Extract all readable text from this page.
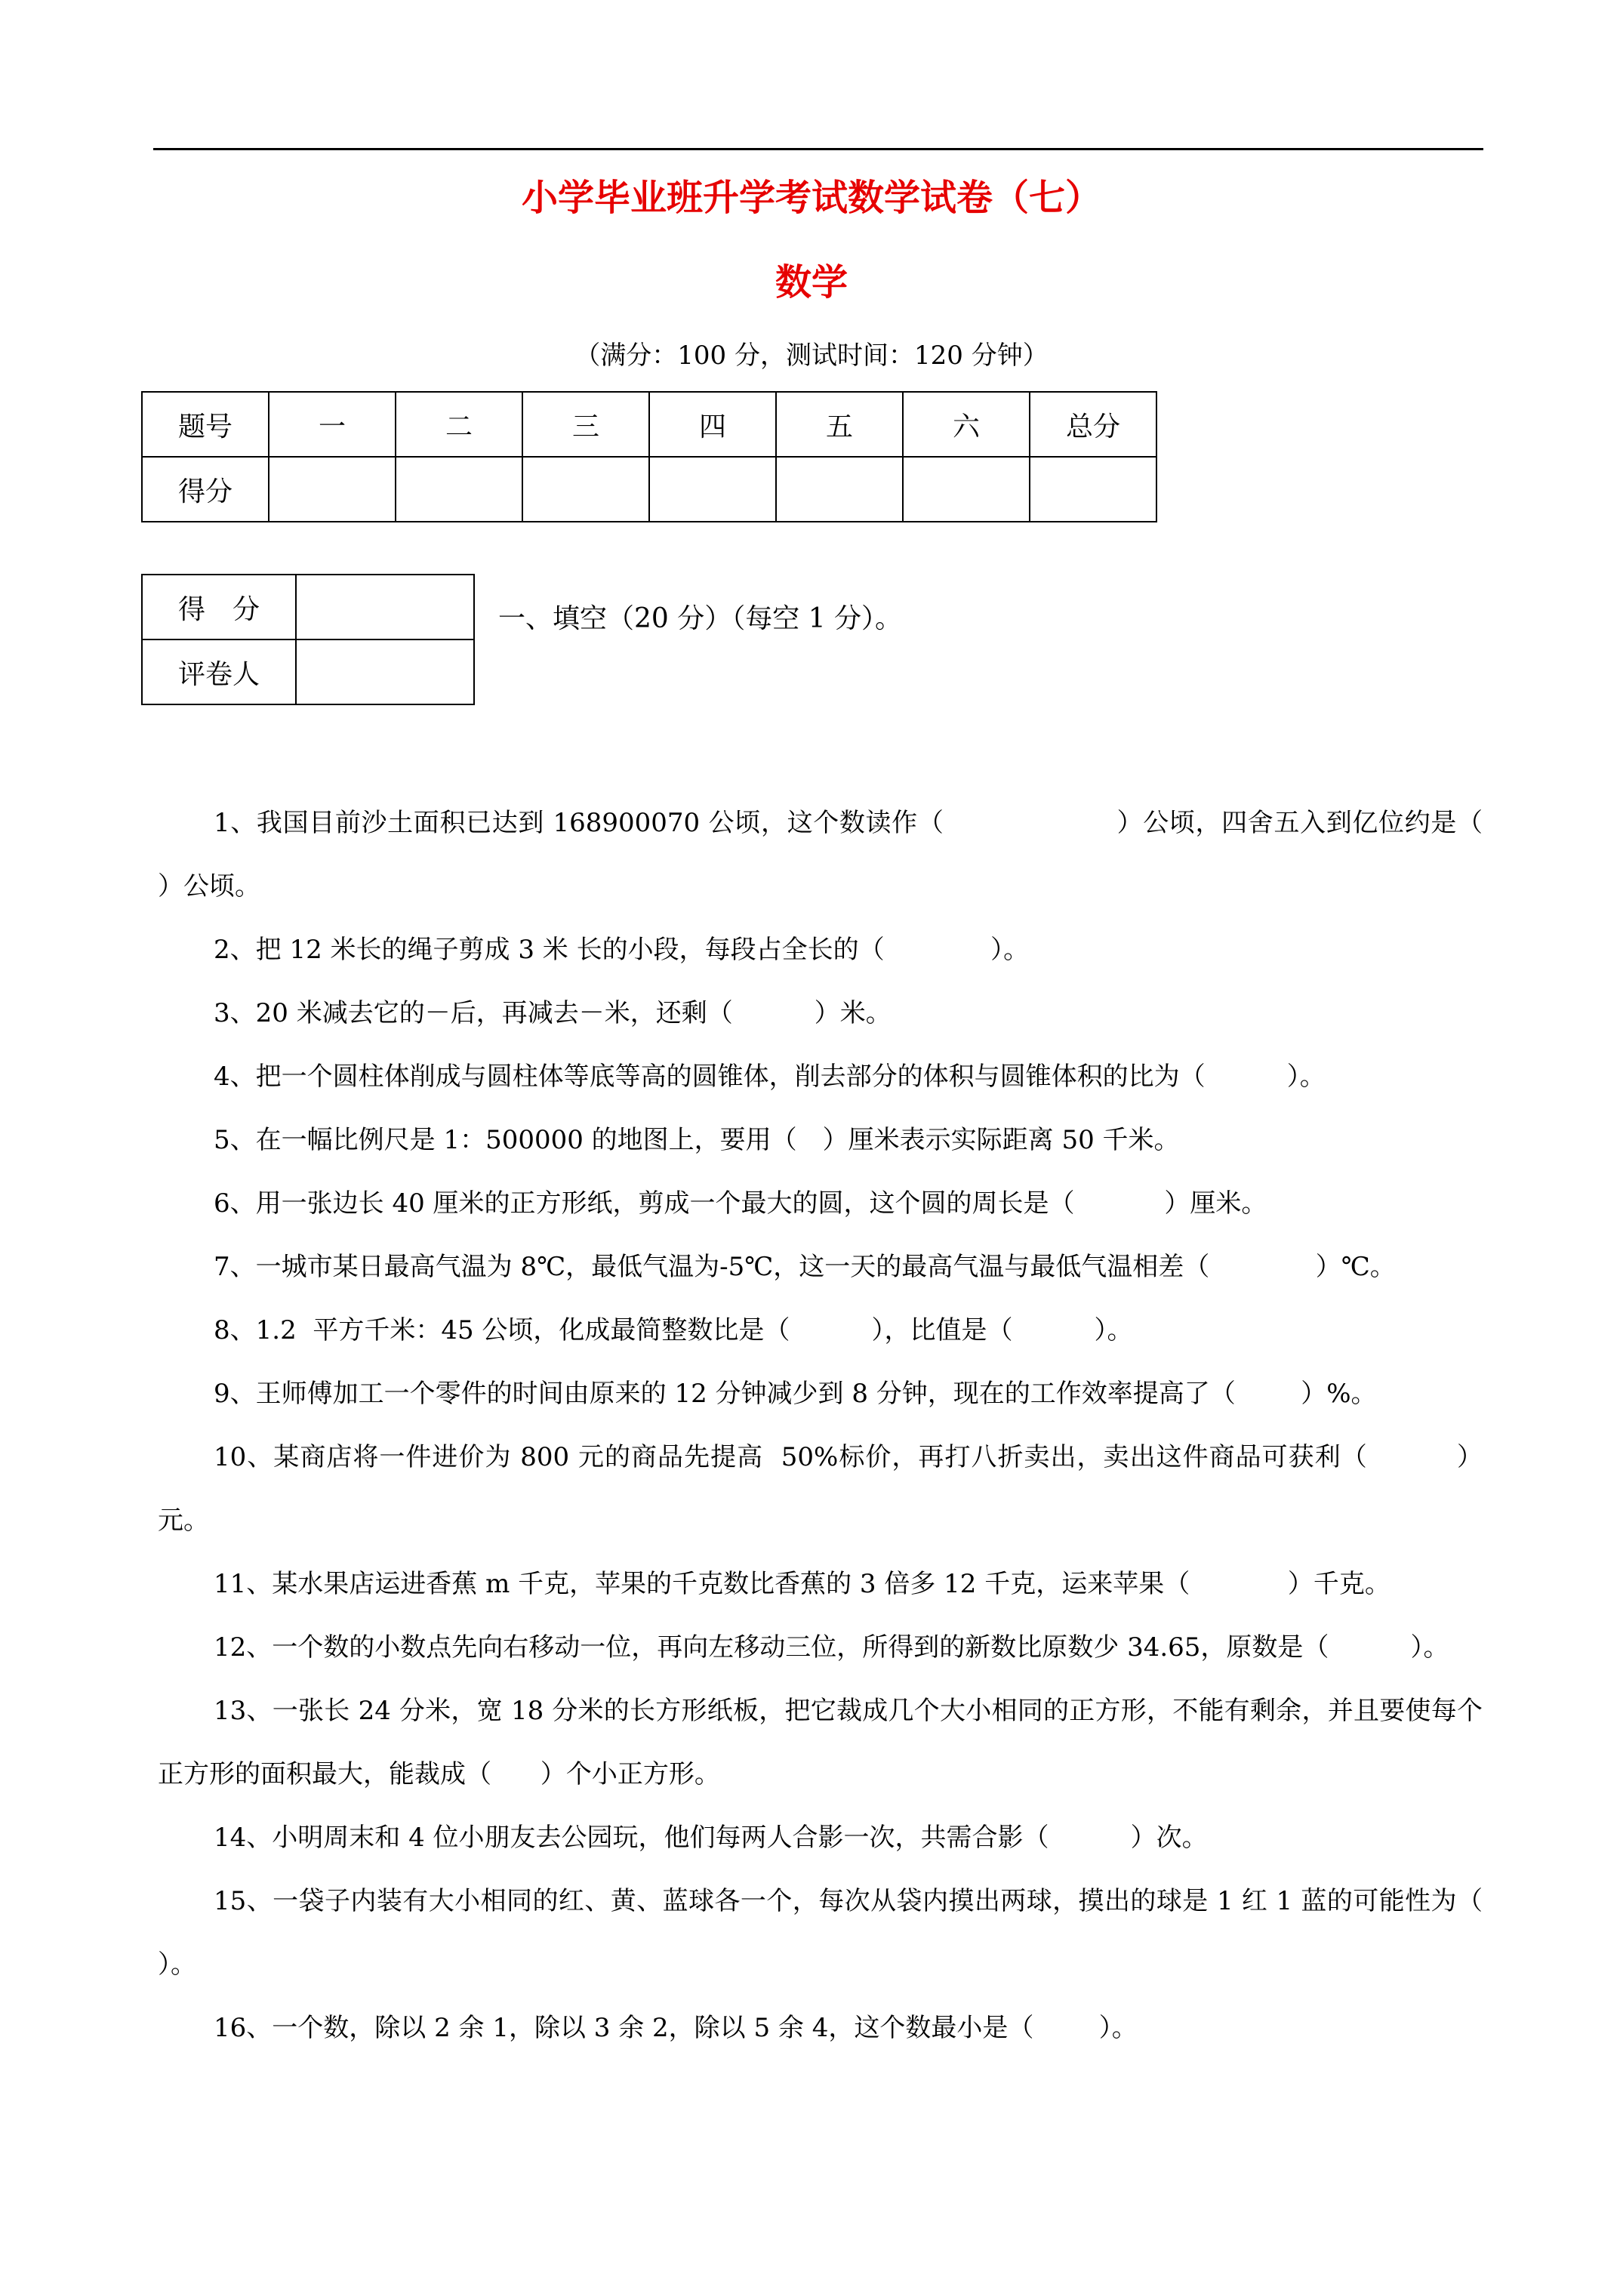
小学毕业班升学考试数学试卷（七）
数学
（满分：100 分，测试时间：120 分钟）
题号	一	二	三	四	五	六	总分
得分							
得　分	
评卷人	
一、填空（20 分）（每空 1 分）。
1、我国目前沙土面积已达到 168900070 公顷，这个数读作（                    ）公顷，四舍五入到亿位约是（        ）公顷。
2、把 12 米长的绳子剪成 3 米 长的小段，每段占全长的（             ）。
3、20 米减去它的－后，再减去－米，还剩（          ）米。
4、把一个圆柱体削成与圆柱体等底等高的圆锥体，削去部分的体积与圆锥体积的比为（          ）。
5、在一幅比例尺是 1：500000 的地图上，要用（　）厘米表示实际距离 50 千米。
6、用一张边长 40 厘米的正方形纸，剪成一个最大的圆，这个圆的周长是（           ）厘米。
7、一城市某日最高气温为 8℃，最低气温为-5℃，这一天的最高气温与最低气温相差（             ）℃。
8、1.2  平方千米：45 公顷，化成最简整数比是（          ），比值是（          ）。
9、王师傅加工一个零件的时间由原来的 12 分钟减少到 8 分钟，现在的工作效率提高了（        ）%。
10、某商店将一件进价为 800 元的商品先提高  50%标价，再打八折卖出，卖出这件商品可获利（          ）元。
11、某水果店运进香蕉 m 千克，苹果的千克数比香蕉的 3 倍多 12 千克，运来苹果（            ）千克。
12、一个数的小数点先向右移动一位，再向左移动三位，所得到的新数比原数少 34.65，原数是（          ）。
13、一张长 24 分米，宽 18 分米的长方形纸板，把它裁成几个大小相同的正方形，不能有剩余，并且要使每个正方形的面积最大，能裁成（      ）个小正方形。
14、小明周末和 4 位小朋友去公园玩，他们每两人合影一次，共需合影（          ）次。
15、一袋子内装有大小相同的红、黄、蓝球各一个，每次从袋内摸出两球，摸出的球是 1 红 1 蓝的可能性为（      ）。
16、一个数，除以 2 余 1，除以 3 余 2，除以 5 余 4，这个数最小是（        ）。
